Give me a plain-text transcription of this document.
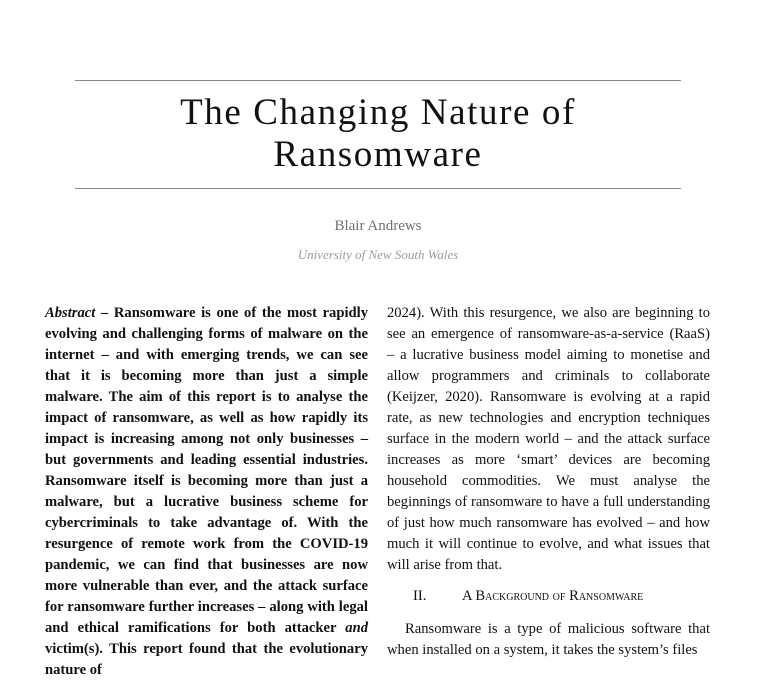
The Changing Nature of
Ransomware
Blair Andrews
University of New South Wales

Abstract – Ransomware is one of the most rapidly evolving and challenging forms of malware on the internet – and with emerging trends, we can see that it is becoming more than just a simple malware. The aim of this report is to analyse the impact of ransomware, as well as how rapidly its impact is increasing among not only businesses – but governments and leading essential industries. Ransomware itself is becoming more than just a malware, but a lucrative business scheme for cybercriminals to take advantage of. With the resurgence of remote work from the COVID-19 pandemic, we can find that businesses are now more vulnerable than ever, and the attack surface for ransomware further increases – along with legal and ethical ramifications for both attacker and victim(s). This report found that the evolutionary nature of

2024). With this resurgence, we also are beginning to see an emergence of ransomware-as-a-service (RaaS) – a lucrative business model aiming to monetise and allow programmers and criminals to collaborate (Keijzer, 2020). Ransomware is evolving at a rapid rate, as new technologies and encryption techniques surface in the modern world – and the attack surface increases as more ‘smart’ devices are becoming household commodities. We must analyse the beginnings of ransomware to have a full understanding of just how much ransomware has evolved – and how much it will continue to evolve, and what issues that will arise from that.

II. A Background of Ransomware

Ransomware is a type of malicious software that when installed on a system, it takes the system’s files
